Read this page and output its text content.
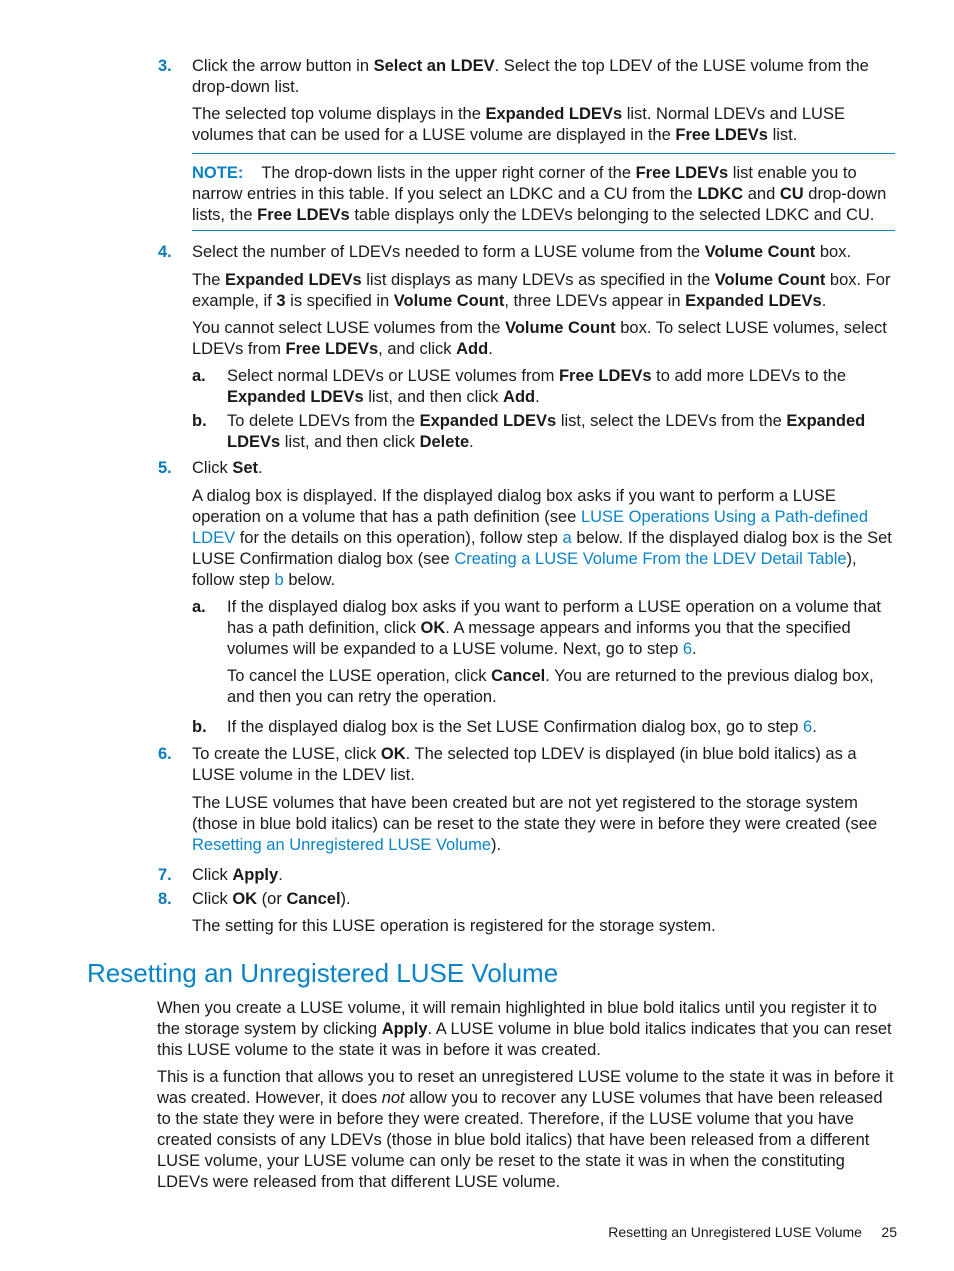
3.	Click the arrow button in Select an LDEV. Select the top LDEV of the LUSE volume from the drop-down list.

The selected top volume displays in the Expanded LDEVs list. Normal LDEVs and LUSE volumes that can be used for a LUSE volume are displayed in the Free LDEVs list.

NOTE: The drop-down lists in the upper right corner of the Free LDEVs list enable you to narrow entries in this table. If you select an LDKC and a CU from the LDKC and CU drop-down lists, the Free LDEVs table displays only the LDEVs belonging to the selected LDKC and CU.

4.	Select the number of LDEVs needed to form a LUSE volume from the Volume Count box.

The Expanded LDEVs list displays as many LDEVs as specified in the Volume Count box. For example, if 3 is specified in Volume Count, three LDEVs appear in Expanded LDEVs.

You cannot select LUSE volumes from the Volume Count box. To select LUSE volumes, select LDEVs from Free LDEVs, and click Add.

a.	Select normal LDEVs or LUSE volumes from Free LDEVs to add more LDEVs to the Expanded LDEVs list, and then click Add.

b.	To delete LDEVs from the Expanded LDEVs list, select the LDEVs from the Expanded LDEVs list, and then click Delete.

5.	Click Set.

A dialog box is displayed. If the displayed dialog box asks if you want to perform a LUSE operation on a volume that has a path definition (see LUSE Operations Using a Path-defined LDEV for the details on this operation), follow step a below. If the displayed dialog box is the Set LUSE Confirmation dialog box (see Creating a LUSE Volume From the LDEV Detail Table), follow step b below.

a.	If the displayed dialog box asks if you want to perform a LUSE operation on a volume that has a path definition, click OK. A message appears and informs you that the specified volumes will be expanded to a LUSE volume. Next, go to step 6.

To cancel the LUSE operation, click Cancel. You are returned to the previous dialog box, and then you can retry the operation.

b.	If the displayed dialog box is the Set LUSE Confirmation dialog box, go to step 6.

6.	To create the LUSE, click OK. The selected top LDEV is displayed (in blue bold italics) as a LUSE volume in the LDEV list.

The LUSE volumes that have been created but are not yet registered to the storage system (those in blue bold italics) can be reset to the state they were in before they were created (see Resetting an Unregistered LUSE Volume).

7.	Click Apply.

8.	Click OK (or Cancel).

The setting for this LUSE operation is registered for the storage system.

Resetting an Unregistered LUSE Volume

When you create a LUSE volume, it will remain highlighted in blue bold italics until you register it to the storage system by clicking Apply. A LUSE volume in blue bold italics indicates that you can reset this LUSE volume to the state it was in before it was created.

This is a function that allows you to reset an unregistered LUSE volume to the state it was in before it was created. However, it does not allow you to recover any LUSE volumes that have been released to the state they were in before they were created. Therefore, if the LUSE volume that you have created consists of any LDEVs (those in blue bold italics) that have been released from a different LUSE volume, your LUSE volume can only be reset to the state it was in when the constituting LDEVs were released from that different LUSE volume.

Resetting an Unregistered LUSE Volume 25
